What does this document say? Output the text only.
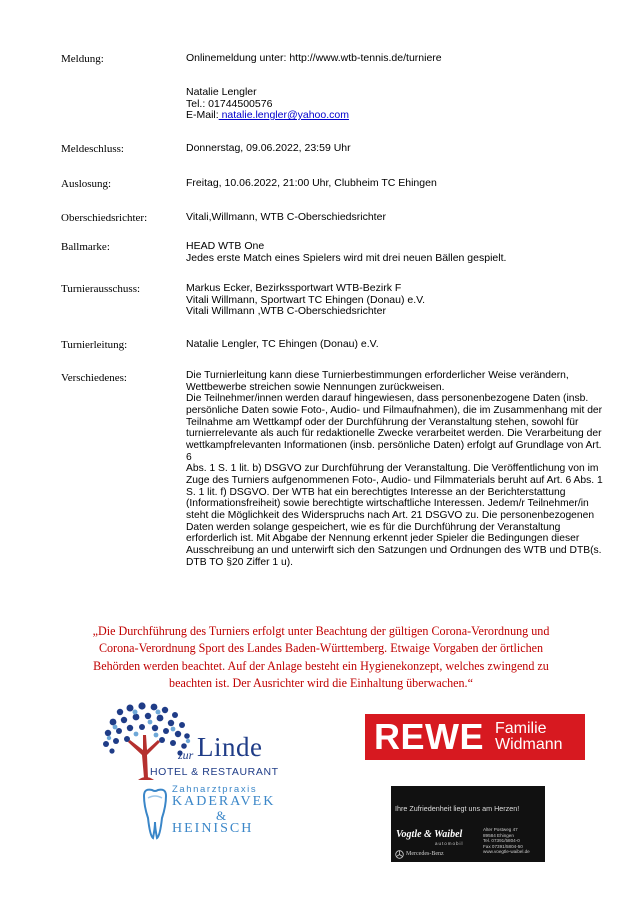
Meldung:
Meldeschluss:
Auslosung:
Oberschiedsrichter:
Ballmarke:
Turnierausschuss:
Turnierleitung:
Verschiedenes:
Onlinemeldung unter: http://www.wtb-tennis.de/turniere
Natalie Lengler
Tel.: 01744500576
E-Mail: natalie.lengler@yahoo.com
Donnerstag, 09.06.2022, 23:59 Uhr
Freitag, 10.06.2022, 21:00 Uhr, Clubheim TC Ehingen
Vitali,Willmann, WTB C-Oberschiedsrichter
HEAD WTB One
Jedes erste Match eines Spielers wird mit drei neuen Bällen gespielt.
Markus Ecker, Bezirkssportwart WTB-Bezirk F
Vitali Willmann, Sportwart TC Ehingen (Donau) e.V.
Vitali Willmann ,WTB C-Oberschiedsrichter
Natalie Lengler, TC Ehingen (Donau) e.V.
Die Turnierleitung kann diese Turnierbestimmungen erforderlicher Weise verändern,
Wettbewerbe streichen sowie Nennungen zurückweisen.
Die Teilnehmer/innen werden darauf hingewiesen, dass personenbezogene Daten (insb.
persönliche Daten sowie Foto-, Audio- und Filmaufnahmen), die im Zusammenhang mit der
Teilnahme am Wettkampf oder der Durchführung der Veranstaltung stehen, sowohl für
turnierrelevante als auch für redaktionelle Zwecke verarbeitet werden. Die Verarbeitung der
wettkampfrelevanten Informationen (insb. persönliche Daten) erfolgt auf Grundlage von Art. 6
Abs. 1 S. 1 lit. b) DSGVO zur Durchführung der Veranstaltung. Die Veröffentlichung von im
Zuge des Turniers aufgenommenen Foto-, Audio- und Filmmaterials beruht auf Art. 6 Abs. 1
S. 1 lit. f) DSGVO. Der WTB hat ein berechtigtes Interesse an der Berichterstattung
(Informationsfreiheit) sowie berechtigte wirtschaftliche Interessen. Jedem/r Teilnehmer/in
steht die Möglichkeit des Widerspruchs nach Art. 21 DSGVO zu. Die personenbezogenen
Daten werden solange gespeichert, wie es für die Durchführung der Veranstaltung
erforderlich ist. Mit Abgabe der Nennung erkennt jeder Spieler die Bedingungen dieser
Ausschreibung an und unterwirft sich den Satzungen und Ordnungen des WTB und DTB(s.
DTB TO §20 Ziffer 1 u).
„Die Durchführung des Turniers erfolgt unter Beachtung der gültigen Corona-Verordnung und
Corona-Verordnung Sport des Landes Baden-Württemberg. Etwaige Vorgaben der örtlichen
Behörden werden beachtet. Auf der Anlage besteht ein Hygienekonzept, welches zwingend zu
beachten ist. Der Ausrichter wird die Einhaltung überwachen.“
zur Linde
HOTEL & RESTAURANT
Zahnarztpraxis
KADERAVEK
&
HEINISCH
REWE Familie
Widmann
Ihre Zufriedenheit liegt uns am Herzen!
Vogtle & Waibel
automobil
Alter Postweg 47
89584 Ehingen
Tel. 07391/5804-0
Fax 07391/5804-50
www.voegtle-waibel.de
Mercedes-Benz
